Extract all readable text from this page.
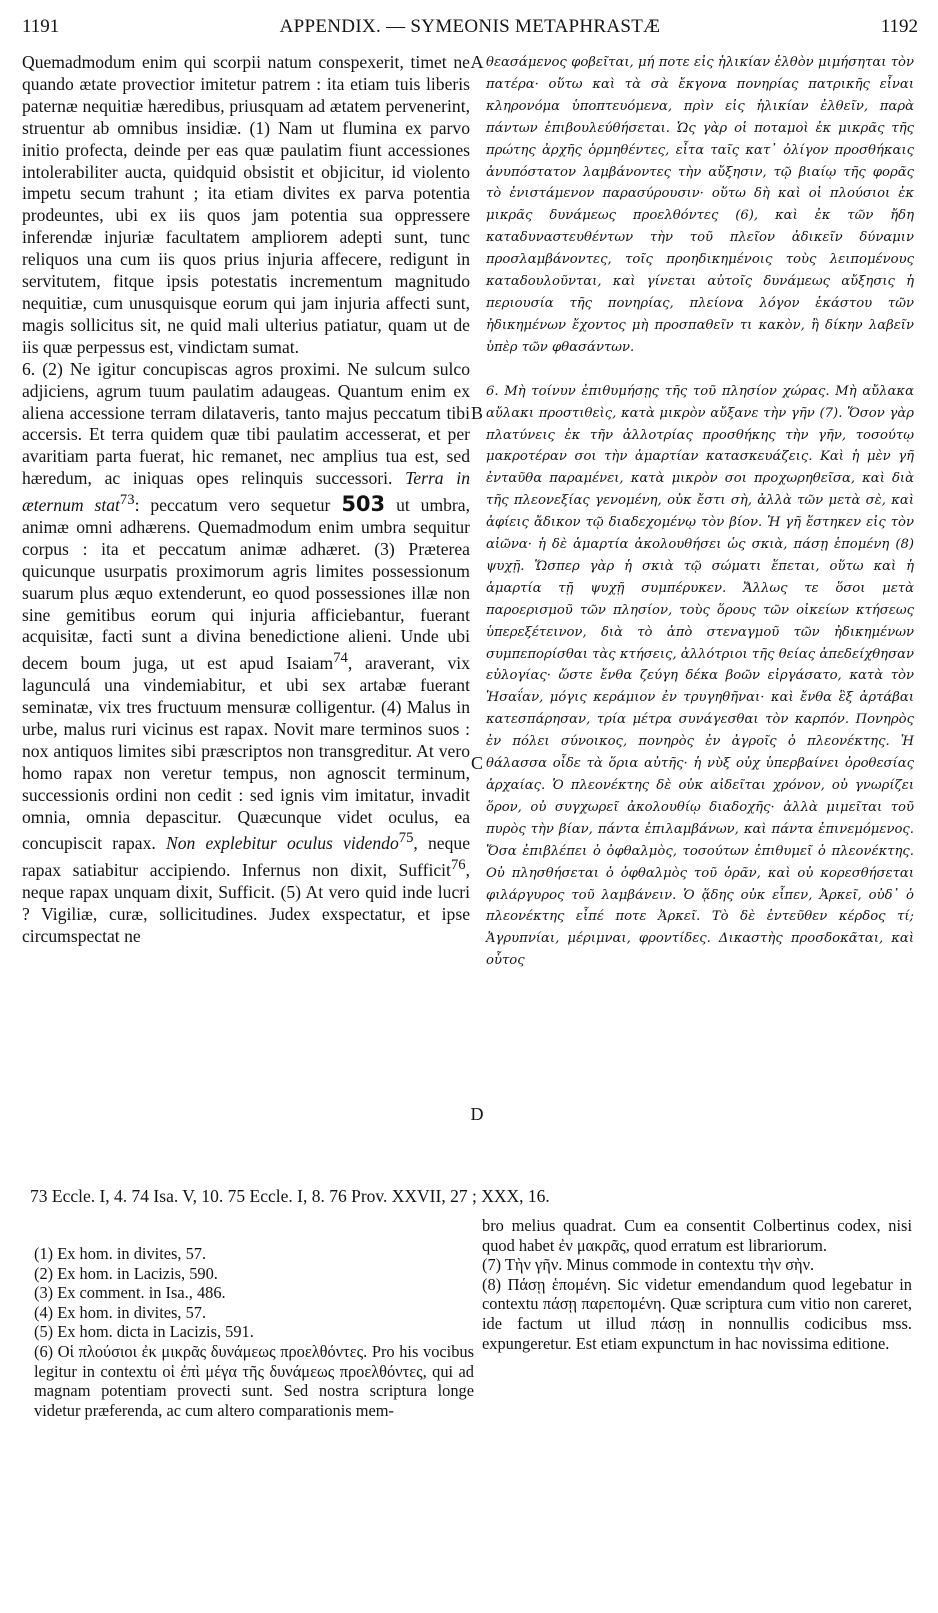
1191	APPENDIX. — SYMEONIS METAPHRASTÆ	1192

Quemadmodum enim qui scorpii natum conspexerit, timet ne quando ætate provectior imitetur patrem : ita etiam tuis liberis paternæ nequitiæ hæredibus, priusquam ad ætatem pervenerint, struentur ab omnibus insidiæ. (1) Nam ut flumina ex parvo initio profecta, deinde per eas quæ paulatim fiunt accessiones intolerabiliter aucta, quidquid obsistit et objicitur, id violento impetu secum trahunt ; ita etiam divites ex parva potentia prodeuntes, ubi ex iis quos jam potentia sua oppressere inferendæ injuriæ facultatem ampliorem adepti sunt, tunc reliquos una cum iis quos prius injuria affecere, redigunt in servitutem, fitque ipsis potestatis incrementum magnitudo nequitiæ, cum unusquisque eorum qui jam injuria affecti sunt, magis sollicitus sit, ne quid mali ulterius patiatur, quam ut de iis quæ perpessus est, vindictam sumat.

6. (2) Ne igitur concupiscas agros proximi. Ne sulcum sulco adjiciens, agrum tuum paulatim adaugeas. Quantum enim ex aliena accessione terram dilataveris, tanto majus peccatum tibi accersis. Et terra quidem quæ tibi paulatim accesserat, et per avaritiam parta fuerat, hic remanet, nec amplius tua est, sed hæredum, ac iniquas opes relinquis successori. Terra in æternum stat$^{73}$: peccatum vero sequetur 503 ut umbra, animæ omni adhærens. Quemadmodum enim umbra sequitur corpus : ita et peccatum animæ adhæret. (3) Præterea quicunque usurpatis proximorum agris limites possessionum suarum plus æquo extenderunt, eo quod possessiones illæ non sine gemitibus eorum qui injuria afficiebantur, fuerant acquisitæ, facti sunt a divina benedictione alieni. Unde ubi decem boum juga, ut est apud Isaiam$^{74}$, araverant, vix lagunculá una vindemiabitur, et ubi sex artabæ fuerant seminatæ, vix tres fructuum mensuræ colligentur. (4) Malus in urbe, malus ruri vicinus est rapax. Novit mare terminos suos : nox antiquos limites sibi præscriptos non transgreditur. At vero homo rapax non veretur tempus, non agnoscit terminum, successionis ordini non cedit : sed ignis vim imitatur, invadit omnia, omnia depascitur. Quæcunque videt oculus, ea concupiscit rapax. Non explebitur oculus videndo$^{75}$, neque rapax satiabitur accipiendo. Infernus non dixit, Sufficit$^{76}$, neque rapax unquam dixit, Sufficit. (5) At vero quid inde lucri ? Vigiliæ, curæ, sollicitudines. Judex exspectatur, et ipse circumspectat ne

A
B
C
D

θεασάμενος φοβεῖται, μή ποτε εἰς ἡλικίαν ἐλθὸν μιμήσηται τὸν πατέρα· οὕτω καὶ τὰ σὰ ἔκγονα πονηρίας πατρικῆς εἶναι κληρονόμα ὑποπτευόμενα, πρὶν εἰς ἡλικίαν ἐλθεῖν, παρὰ πάντων ἐπιβουλεύθήσεται. Ὡς γὰρ οἱ ποταμοὶ ἐκ μικρᾶς τῆς πρώτης ἀρχῆς ὁρμηθέντες, εἶτα ταῖς κατ᾽ ὀλίγον προσθήκαις ἀνυπόστατον λαμβάνοντες τὴν αὔξησιν, τῷ βιαίῳ τῆς φορᾶς τὸ ἐνιστάμενον παρασύρουσιν· οὕτω δὴ καὶ οἱ πλούσιοι ἐκ μικρᾶς δυνάμεως προελθόντες (6), καὶ ἐκ τῶν ἤδη καταδυναστευθέντων τὴν τοῦ πλεῖον ἀδικεῖν δύναμιν προσλαμβάνοντες, τοῖς προηδικημένοις τοὺς λειπομένους καταδουλοῦνται, καὶ γίνεται αὐτοῖς δυνάμεως αὔξησις ἡ περιουσία τῆς πονηρίας, πλείονα λόγον ἑκάστου τῶν ἠδικημένων ἔχοντος μὴ προσπαθεῖν τι κακὸν, ἢ δίκην λαβεῖν ὑπὲρ τῶν φθασάντων.

6. Μὴ τοίνυν ἐπιθυμήσῃς τῆς τοῦ πλησίον χώρας. Μὴ αὔλακα αὔλακι προστιθεὶς, κατὰ μικρὸν αὔξανε τὴν γῆν (7). Ὅσον γὰρ πλατύνεις ἐκ τῆν ἀλλοτρίας προσθήκης τὴν γῆν, τοσούτῳ μακροτέραν σοι τὴν ἁμαρτίαν κατασκευάζεις. Καὶ ἡ μὲν γῆ ἐνταῦθα παραμένει, κατὰ μικρὸν σοι προχωρηθεῖσα, καὶ διὰ τῆς πλεονεξίας γενομένη, οὐκ ἔστι σὴ, ἀλλὰ τῶν μετὰ σὲ, καὶ ἀφίεις ἄδικον τῷ διαδεχομένῳ τὸν βίον. Ἡ γῆ ἕστηκεν εἰς τὸν αἰῶνα· ἡ δὲ ἁμαρτία ἀκολουθήσει ὡς σκιὰ, πάσῃ ἑπομένη (8) ψυχῇ. Ὥσπερ γὰρ ἡ σκιὰ τῷ σώματι ἕπεται, οὕτω καὶ ἡ ἁμαρτία τῇ ψυχῇ συμπέρυκεν. Ἄλλως τε ὅσοι μετὰ παροερισμοῦ τῶν πλησίον, τοὺς ὅρους τῶν οἰκείων κτήσεως ὑπερεξέτεινον, διὰ τὸ ἀπὸ στεναγμοῦ τῶν ἠδικημένων συμπεπορίσθαι τὰς κτήσεις, ἀλλότριοι τῆς θείας ἀπεδείχθησαν εὐλογίας· ὥστε ἔνθα ζεύγη δέκα βοῶν εἰργάσατο, κατὰ τὸν Ἡσαΐαν, μόγις κεράμιον ἐν τρυγηθῆναι· καὶ ἔνθα ἓξ ἀρτάβαι κατεσπάρησαν, τρία μέτρα συνάγεσθαι τὸν καρπόν. Πονηρὸς ἐν πόλει σύνοικος, πονηρὸς ἐν ἀγροῖς ὁ πλεονέκτης. Ἡ θάλασσα οἶδε τὰ ὅρια αὐτῆς· ἡ νὺξ οὐχ ὑπερβαίνει ὀροθεσίας ἀρχαίας. Ὁ πλεονέκτης δὲ οὐκ αἰδεῖται χρόνον, οὐ γνωρίζει ὅρον, οὐ συγχωρεῖ ἀκολουθίῳ διαδοχῆς· ἀλλὰ μιμεῖται τοῦ πυρὸς τὴν βίαν, πάντα ἐπιλαμβάνων, καὶ πάντα ἐπινεμόμενος. Ὅσα ἐπιβλέπει ὁ ὀφθαλμὸς, τοσούτων ἐπιθυμεῖ ὁ πλεονέκτης. Οὐ πλησθήσεται ὁ ὀφθαλμὸς τοῦ ὁρᾶν, καὶ οὐ κορεσθήσεται φιλάργυρος τοῦ λαμβάνειν. Ὁ ᾅδης οὐκ εἶπεν, Ἀρκεῖ, οὐδ᾽ ὁ πλεονέκτης εἶπέ ποτε Ἀρκεῖ. Τὸ δὲ ἐντεῦθεν κέρδος τί; Ἀγρυπνίαι, μέριμναι, φροντίδες. Δικαστὴς προσδοκᾶται, καὶ οὗτος

73 Eccle. I, 4. 74 Isa. V, 10. 75 Eccle. I, 8. 76 Prov. XXVII, 27 ; XXX, 16.

(1) Ex hom. in divites, 57.

(2) Ex hom. in Lacizis, 590.

(3) Ex comment. in Isa., 486.

(4) Ex hom. in divites, 57.

(5) Ex hom. dicta in Lacizis, 591.

(6) Οἱ πλούσιοι ἐκ μικρᾶς δυνάμεως προελθόντες. Pro his vocibus legitur in contextu οἱ ἐπὶ μέγα τῆς δυνάμεως προελθόντες, qui ad magnam potentiam provecti sunt. Sed nostra scriptura longe videtur præferenda, ac cum altero comparationis mem-

bro melius quadrat. Cum ea consentit Colbertinus codex, nisi quod habet ἐν μακρᾶς, quod erratum est librariorum.

(7) Τὴν γῆν. Minus commode in contextu τὴν σὴν.

(8) Πάσῃ ἑπομένη. Sic videtur emendandum quod legebatur in contextu πάσῃ παρεπομένη. Quæ scriptura cum vitio non careret, ide factum ut illud πάσῃ in nonnullis codicibus mss. expungeretur. Est etiam expunctum in hac novissima editione.
